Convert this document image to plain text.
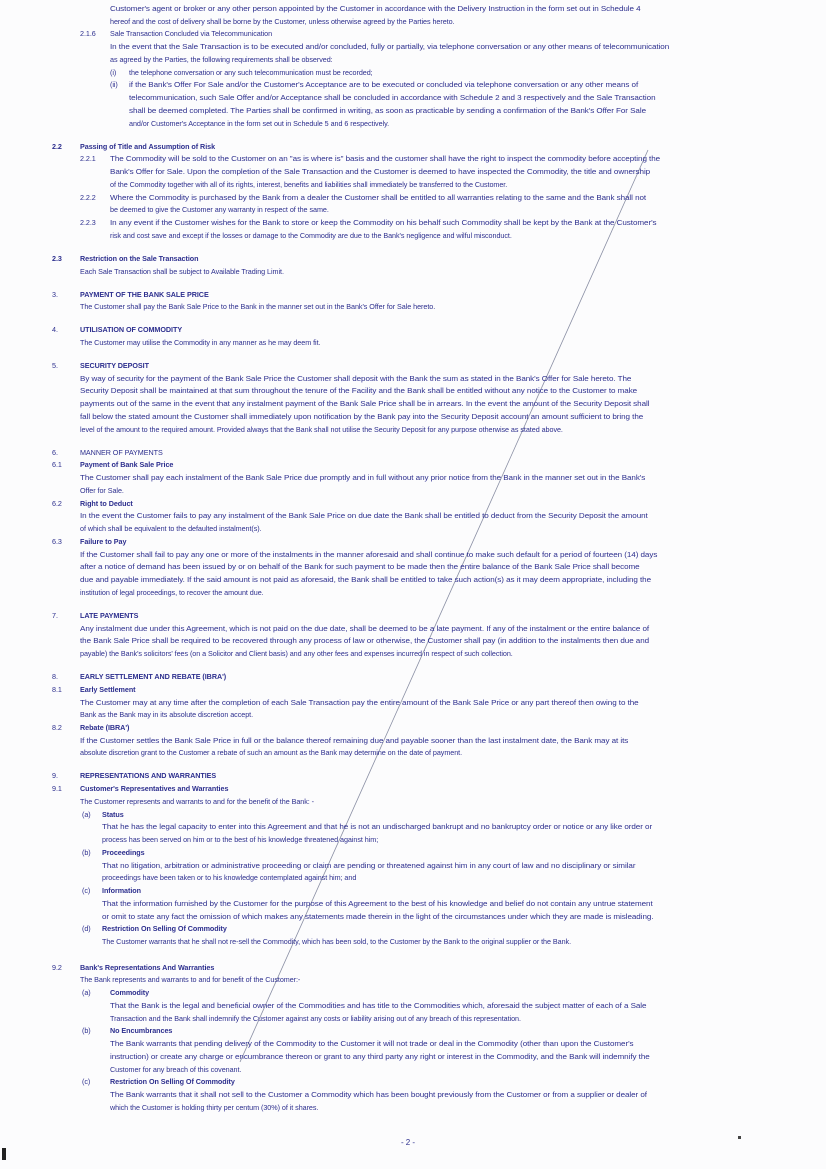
Customer's agent or broker or any other person appointed by the Customer in accordance with the Delivery Instruction in the form set out in Schedule 4
hereof and the cost of delivery shall be borne by the Customer, unless otherwise agreed by the Parties hereto.
2.1.6 Sale Transaction Concluded via Telecommunication
In the event that the Sale Transaction is to be executed and/or concluded, fully or partially, via telephone conversation or any other means of telecommunication
as agreed by the Parties, the following requirements shall be observed:
(i) the telephone conversation or any such telecommunication must be recorded;
(ii) if the Bank's Offer For Sale and/or the Customer's Acceptance are to be executed or concluded via telephone conversation or any other means of
telecommunication, such Sale Offer and/or Acceptance shall be concluded in accordance with Schedule 2 and 3 respectively and the Sale Transaction
shall be deemed completed. The Parties shall be confirmed in writing, as soon as practicable by sending a confirmation of the Bank's Offer For Sale
and/or Customer's Acceptance in the form set out in Schedule 5 and 6 respectively.
2.2	Passing of Title and Assumption of Risk
2.2.1 The Commodity will be sold to the Customer on an "as is where is" basis and the customer shall have the right to inspect the commodity before accepting the
Bank's Offer for Sale. Upon the completion of the Sale Transaction and the Customer is deemed to have inspected the Commodity, the title and ownership
of the Commodity together with all of its rights, interest, benefits and liabilities shall immediately be transferred to the Customer.
2.2.2 Where the Commodity is purchased by the Bank from a dealer the Customer shall be entitled to all warranties relating to the same and the Bank shall not
be deemed to give the Customer any warranty in respect of the same.
2.2.3 In any event if the Customer wishes for the Bank to store or keep the Commodity on his behalf such Commodity shall be kept by the Bank at the Customer's
risk and cost save and except if the losses or damage to the Commodity are due to the Bank's negligence and wilful misconduct.
2.3	Restriction on the Sale Transaction
Each Sale Transaction shall be subject to Available Trading Limit.
3.	PAYMENT OF THE BANK SALE PRICE
The Customer shall pay the Bank Sale Price to the Bank in the manner set out in the Bank's Offer for Sale hereto.
4.	UTILISATION OF COMMODITY
The Customer may utilise the Commodity in any manner as he may deem fit.
5.	SECURITY DEPOSIT
By way of security for the payment of the Bank Sale Price the Customer shall deposit with the Bank the sum as stated in the Bank's Offer for Sale hereto. The
Security Deposit shall be maintained at that sum throughout the tenure of the Facility and the Bank shall be entitled without any notice to the Customer to make
payments out of the same in the event that any instalment payment of the Bank Sale Price shall be in arrears. In the event the amount of the Security Deposit shall
fall below the stated amount the Customer shall immediately upon notification by the Bank pay into the Security Deposit account an amount sufficient to bring the
level of the amount to the required amount. Provided always that the Bank shall not utilise the Security Deposit for any purpose otherwise as stated above.
6.	MANNER OF PAYMENTS
6.1	Payment of Bank Sale Price
The Customer shall pay each instalment of the Bank Sale Price due promptly and in full without any prior notice from the Bank in the manner set out in the Bank's
Offer for Sale.
6.2	Right to Deduct
In the event the Customer fails to pay any instalment of the Bank Sale Price on due date the Bank shall be entitled to deduct from the Security Deposit the amount
of which shall be equivalent to the defaulted instalment(s).
6.3	Failure to Pay
If the Customer shall fail to pay any one or more of the instalments in the manner aforesaid and shall continue to make such default for a period of fourteen (14) days
after a notice of demand has been issued by or on behalf of the Bank for such payment to be made then the entire balance of the Bank Sale Price shall become
due and payable immediately. If the said amount is not paid as aforesaid, the Bank shall be entitled to take such action(s) as it may deem appropriate, including the
institution of legal proceedings, to recover the amount due.
7.	LATE PAYMENTS
Any instalment due under this Agreement, which is not paid on the due date, shall be deemed to be a late payment. If any of the instalment or the entire balance of
the Bank Sale Price shall be required to be recovered through any process of law or otherwise, the Customer shall pay (in addition to the instalments then due and
payable) the Bank's solicitors' fees (on a Solicitor and Client basis) and any other fees and expenses incurred in respect of such collection.
8.	EARLY SETTLEMENT AND REBATE (IBRA')
8.1	Early Settlement
The Customer may at any time after the completion of each Sale Transaction pay the entire amount of the Bank Sale Price or any part thereof then owing to the
Bank as the Bank may in its absolute discretion accept.
8.2	Rebate (IBRA')
If the Customer settles the Bank Sale Price in full or the balance thereof remaining due and payable sooner than the last instalment date, the Bank may at its
absolute discretion grant to the Customer a rebate of such an amount as the Bank may determine on the date of payment.
9.	REPRESENTATIONS AND WARRANTIES
9.1	Customer's Representatives and Warranties
The Customer represents and warrants to and for the benefit of the Bank: -
(a) Status
That he has the legal capacity to enter into this Agreement and that he is not an undischarged bankrupt and no bankruptcy order or notice or any like order or
process has been served on him or to the best of his knowledge threatened against him;
(b) Proceedings
That no litigation, arbitration or administrative proceeding or claim are pending or threatened against him in any court of law and no disciplinary or similar
proceedings have been taken or to his knowledge contemplated against him; and
(c) Information
That the information furnished by the Customer for the purpose of this Agreement to the best of his knowledge and belief do not contain any untrue statement
or omit to state any fact the omission of which makes any statements made therein in the light of the circumstances under which they are made is misleading.
(d) Restriction On Selling Of Commodity
The Customer warrants that he shall not re-sell the Commodity, which has been sold, to the Customer by the Bank to the original supplier or the Bank.
9.2	Bank's Representations And Warranties
The Bank represents and warrants to and for benefit of the Customer:-
(a)	Commodity
That the Bank is the legal and beneficial owner of the Commodities and has title to the Commodities which, aforesaid the subject matter of each of a Sale
Transaction and the Bank shall indemnify the Customer against any costs or liability arising out of any breach of this representation.
(b)	No Encumbrances
The Bank warrants that pending delivery of the Commodity to the Customer it will not trade or deal in the Commodity (other than upon the Customer's
instruction) or create any charge or encumbrance thereon or grant to any third party any right or interest in the Commodity, and the Bank will indemnify the
Customer for any breach of this covenant.
(c)	Restriction On Selling Of Commodity
The Bank warrants that it shall not sell to the Customer a Commodity which has been bought previously from the Customer or from a supplier or dealer of
which the Customer is holding thirty per centum (30%) of it shares.
- 2 -
